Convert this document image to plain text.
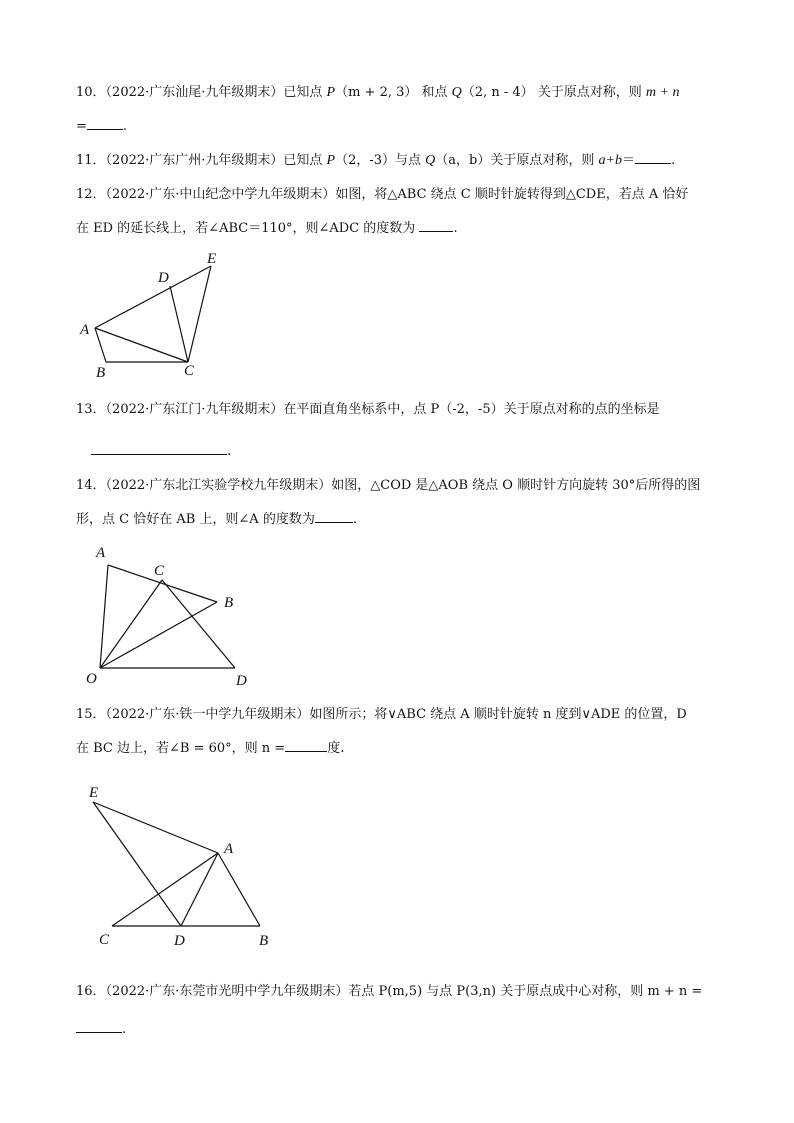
10．（2022·广东汕尾·九年级期末）已知点 P（m + 2, 3） 和点 Q（2, n - 4） 关于原点对称，则 m + n
=	.
11．（2022·广东广州·九年级期末）已知点 P（2，-3）与点 Q（a，b）关于原点对称，则 a+b＝	.
12．（2022·广东·中山纪念中学九年级期末）如图，将△ABC 绕点 C 顺时针旋转得到△CDE，若点 A 恰好
在 ED 的延长线上，若∠ABC＝110°，则∠ADC 的度数为	.
13．（2022·广东江门·九年级期末）在平面直角坐标系中，点 P（-2，-5）关于原点对称的点的坐标是
.
14．（2022·广东北江实验学校九年级期末）如图，△COD 是△AOB 绕点 O 顺时针方向旋转 30°后所得的图
形，点 C 恰好在 AB 上，则∠A 的度数为	.
15．（2022·广东·铁一中学九年级期末）如图所示；将∨ABC 绕点 A 顺时针旋转 n 度到∨ADE 的位置，D
在 BC 边上，若∠B = 60°，则 n =	度.
16．（2022·广东·东莞市光明中学九年级期末）若点 P(m,5) 与点 P(3,n) 关于原点成中心对称，则 m + n =
.
A
B	C
D
E
A
B
C
D
O
A
B
C	D
E
